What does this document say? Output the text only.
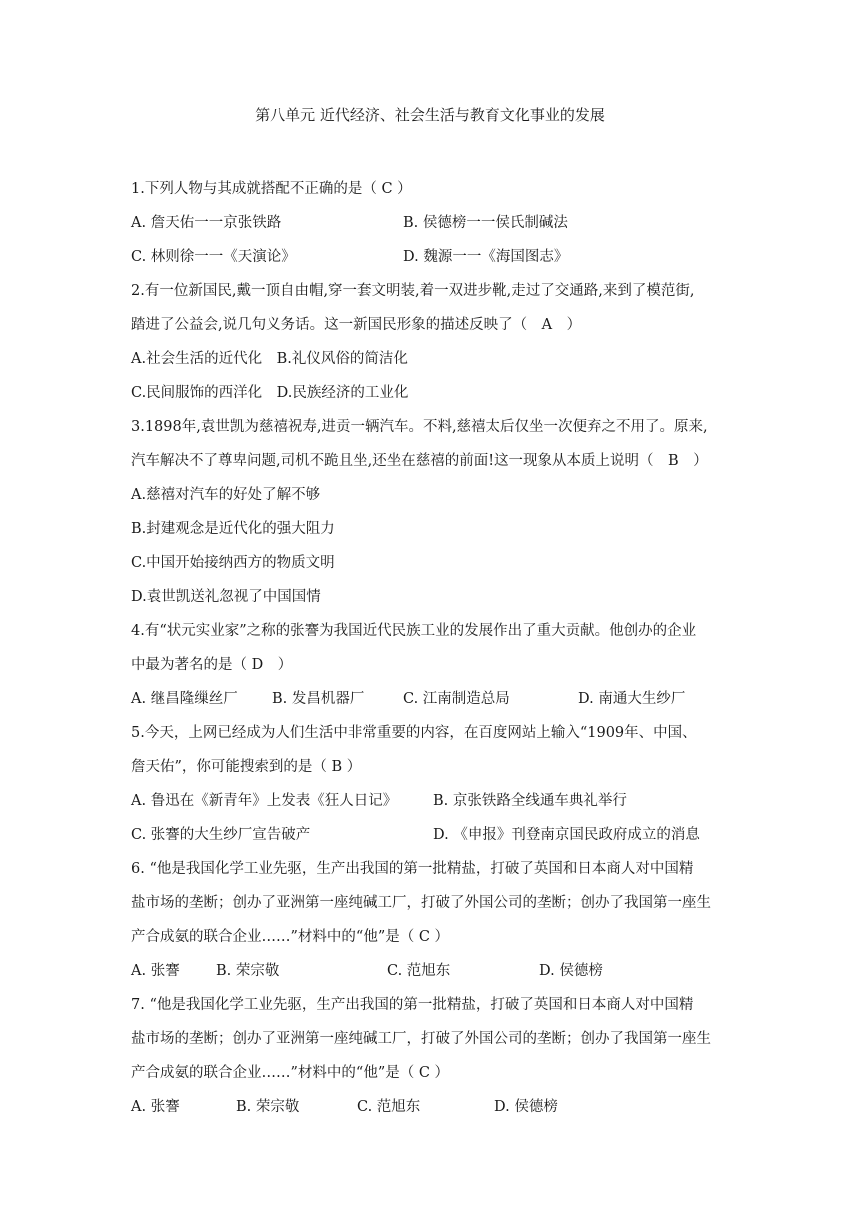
第八单元 近代经济、社会生活与教育文化事业的发展
1.下列人物与其成就搭配不正确的是（ C ）
A. 詹天佑一一京张铁路	B. 侯德榜一一侯氏制碱法
C. 林则徐一一《天演论》	D. 魏源一一《海国图志》
2.有一位新国民,戴一顶自由帽,穿一套文明装,着一双进步靴,走过了交通路,来到了模范街,
踏进了公益会,说几句义务话。这一新国民形象的描述反映了（　A　）
A.社会生活的近代化　B.礼仪风俗的简洁化
C.民间服饰的西洋化　D.民族经济的工业化
3.1898年,袁世凯为慈禧祝寿,进贡一辆汽车。不料,慈禧太后仅坐一次便弃之不用了。原来,
汽车解决不了尊卑问题,司机不跪且坐,还坐在慈禧的前面!这一现象从本质上说明（　B　）
A.慈禧对汽车的好处了解不够
B.封建观念是近代化的强大阻力
C.中国开始接纳西方的物质文明
D.袁世凯送礼忽视了中国国情
4.有“状元实业家”之称的张謇为我国近代民族工业的发展作出了重大贡献。他创办的企业
中最为著名的是（ D　）
A. 继昌隆缫丝厂 B. 发昌机器厂	C. 江南制造总局	D. 南通大生纱厂
5.今天，上网已经成为人们生活中非常重要的内容，在百度网站上输入“1909年、中国、
詹天佑”，你可能搜索到的是（ B ）
A. 鲁迅在《新青年》上发表《狂人日记》 B. 京张铁路全线通车典礼举行
C. 张謇的大生纱厂宣告破产	D. 《申报》刊登南京国民政府成立的消息
6. “他是我国化学工业先驱，生产出我国的第一批精盐，打破了英国和日本商人对中国精
盐市场的垄断；创办了亚洲第一座纯碱工厂，打破了外国公司的垄断；创办了我国第一座生
产合成氨的联合企业……”材料中的“他”是（ C ）
A. 张謇	B. 荣宗敬	C. 范旭东	D. 侯德榜
7. “他是我国化学工业先驱，生产出我国的第一批精盐，打破了英国和日本商人对中国精
盐市场的垄断；创办了亚洲第一座纯碱工厂，打破了外国公司的垄断；创办了我国第一座生
产合成氨的联合企业……”材料中的“他”是（ C ）
A. 张謇	B. 荣宗敬	C. 范旭东	D. 侯德榜
